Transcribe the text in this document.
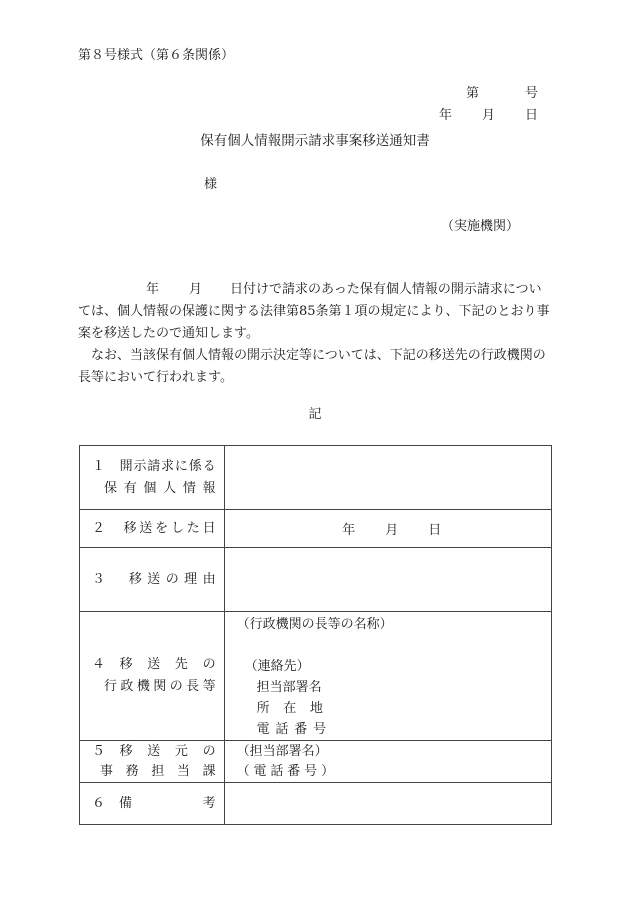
第８号様式（第６条関係）

第	号

年 月 日

保有個人情報開示請求事案移送通知書
様
（実施機関）

年 月 日付けで請求のあった保有個人情報の開示請求については、個人情報の保護に関する法律第85条第１項の規定により、下記のとおり事案を移送したので通知します。

なお、当該保有個人情報の開示決定等については、下記の移送先の行政機関の長等において行われます。

記
１　開示請求に係る
保有個人情報	

２　移送をした日	年 月 日

３　移送の理由	

４　移　送　先　の
行政機関の長等	（行政機関の長等の名称）
（連絡先）
担当部署名
所在地
電話番号

５　移　送　元　の
事務担当課	（担当部署名）
（電話番号）

６ 備 考	
